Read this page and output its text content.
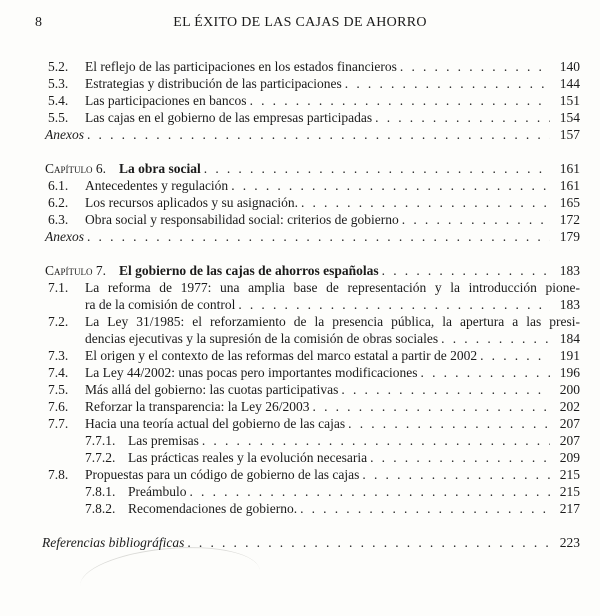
8	EL ÉXITO DE LAS CAJAS DE AHORRO
5.2.	El reflejo de las participaciones en los estados financieros . . .	140
5.3.	Estrategias y distribución de las participaciones . . .	144
5.4.	Las participaciones en bancos . . .	151
5.5.	Las cajas en el gobierno de las empresas participadas . . .	154
Anexos . . .	157
Capítulo 6. La obra social . . .	161
6.1.	Antecedentes y regulación . . .	161
6.2.	Los recursos aplicados y su asignación. . . .	165
6.3.	Obra social y responsabilidad social: criterios de gobierno . . .	172
Anexos . . .	179
Capítulo 7. El gobierno de las cajas de ahorros españolas . . .	183
7.1.	La reforma de 1977: una amplia base de representación y la introducción pione-
ra de la comisión de control . . .	183
7.2.	La Ley 31/1985: el reforzamiento de la presencia pública, la apertura a las presi-
dencias ejecutivas y la supresión de la comisión de obras sociales . . .	184
7.3.	El origen y el contexto de las reformas del marco estatal a partir de 2002 . . .	191
7.4.	La Ley 44/2002: unas pocas pero importantes modificaciones . . .	196
7.5.	Más allá del gobierno: las cuotas participativas . . .	200
7.6.	Reforzar la transparencia: la Ley 26/2003 . . .	202
7.7.	Hacia una teoría actual del gobierno de las cajas . . .	207
7.7.1. Las premisas . . .	207
7.7.2. Las prácticas reales y la evolución necesaria . . .	209
7.8.	Propuestas para un código de gobierno de las cajas . . .	215
7.8.1. Preámbulo . . .	215
7.8.2. Recomendaciones de gobierno. . . .	217
Referencias bibliográficas . . .	223
